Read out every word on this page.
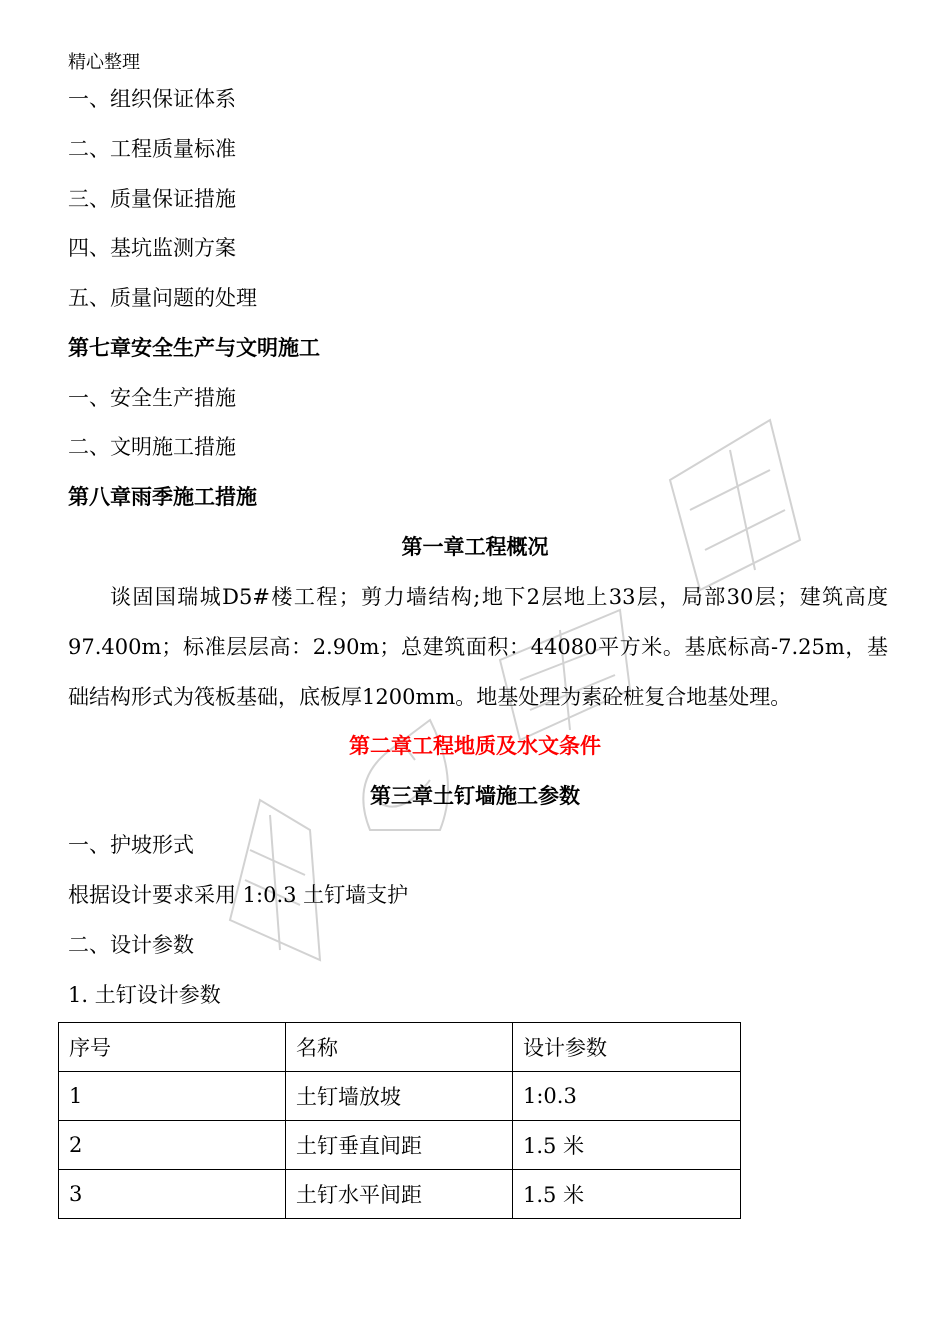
精心整理
一、组织保证体系
二、工程质量标准
三、质量保证措施
四、基坑监测方案
五、质量问题的处理
第七章安全生产与文明施工
一、安全生产措施
二、文明施工措施
第八章雨季施工措施
第一章工程概况
谈固国瑞城D5#楼工程；剪力墙结构;地下2层地上33层，局部30层；建筑高度97.400m；标准层层高：2.90m；总建筑面积：44080平方米。基底标高-7.25m，基础结构形式为筏板基础，底板厚1200mm。地基处理为素砼桩复合地基处理。
第二章工程地质及水文条件
第三章土钉墙施工参数
一、护坡形式
根据设计要求采用 1:0.3 土钉墙支护
二、设计参数
1. 土钉设计参数
序号	名称	设计参数
1	土钉墙放坡	1:0.3
2	土钉垂直间距	1.5 米
3	土钉水平间距	1.5 米
